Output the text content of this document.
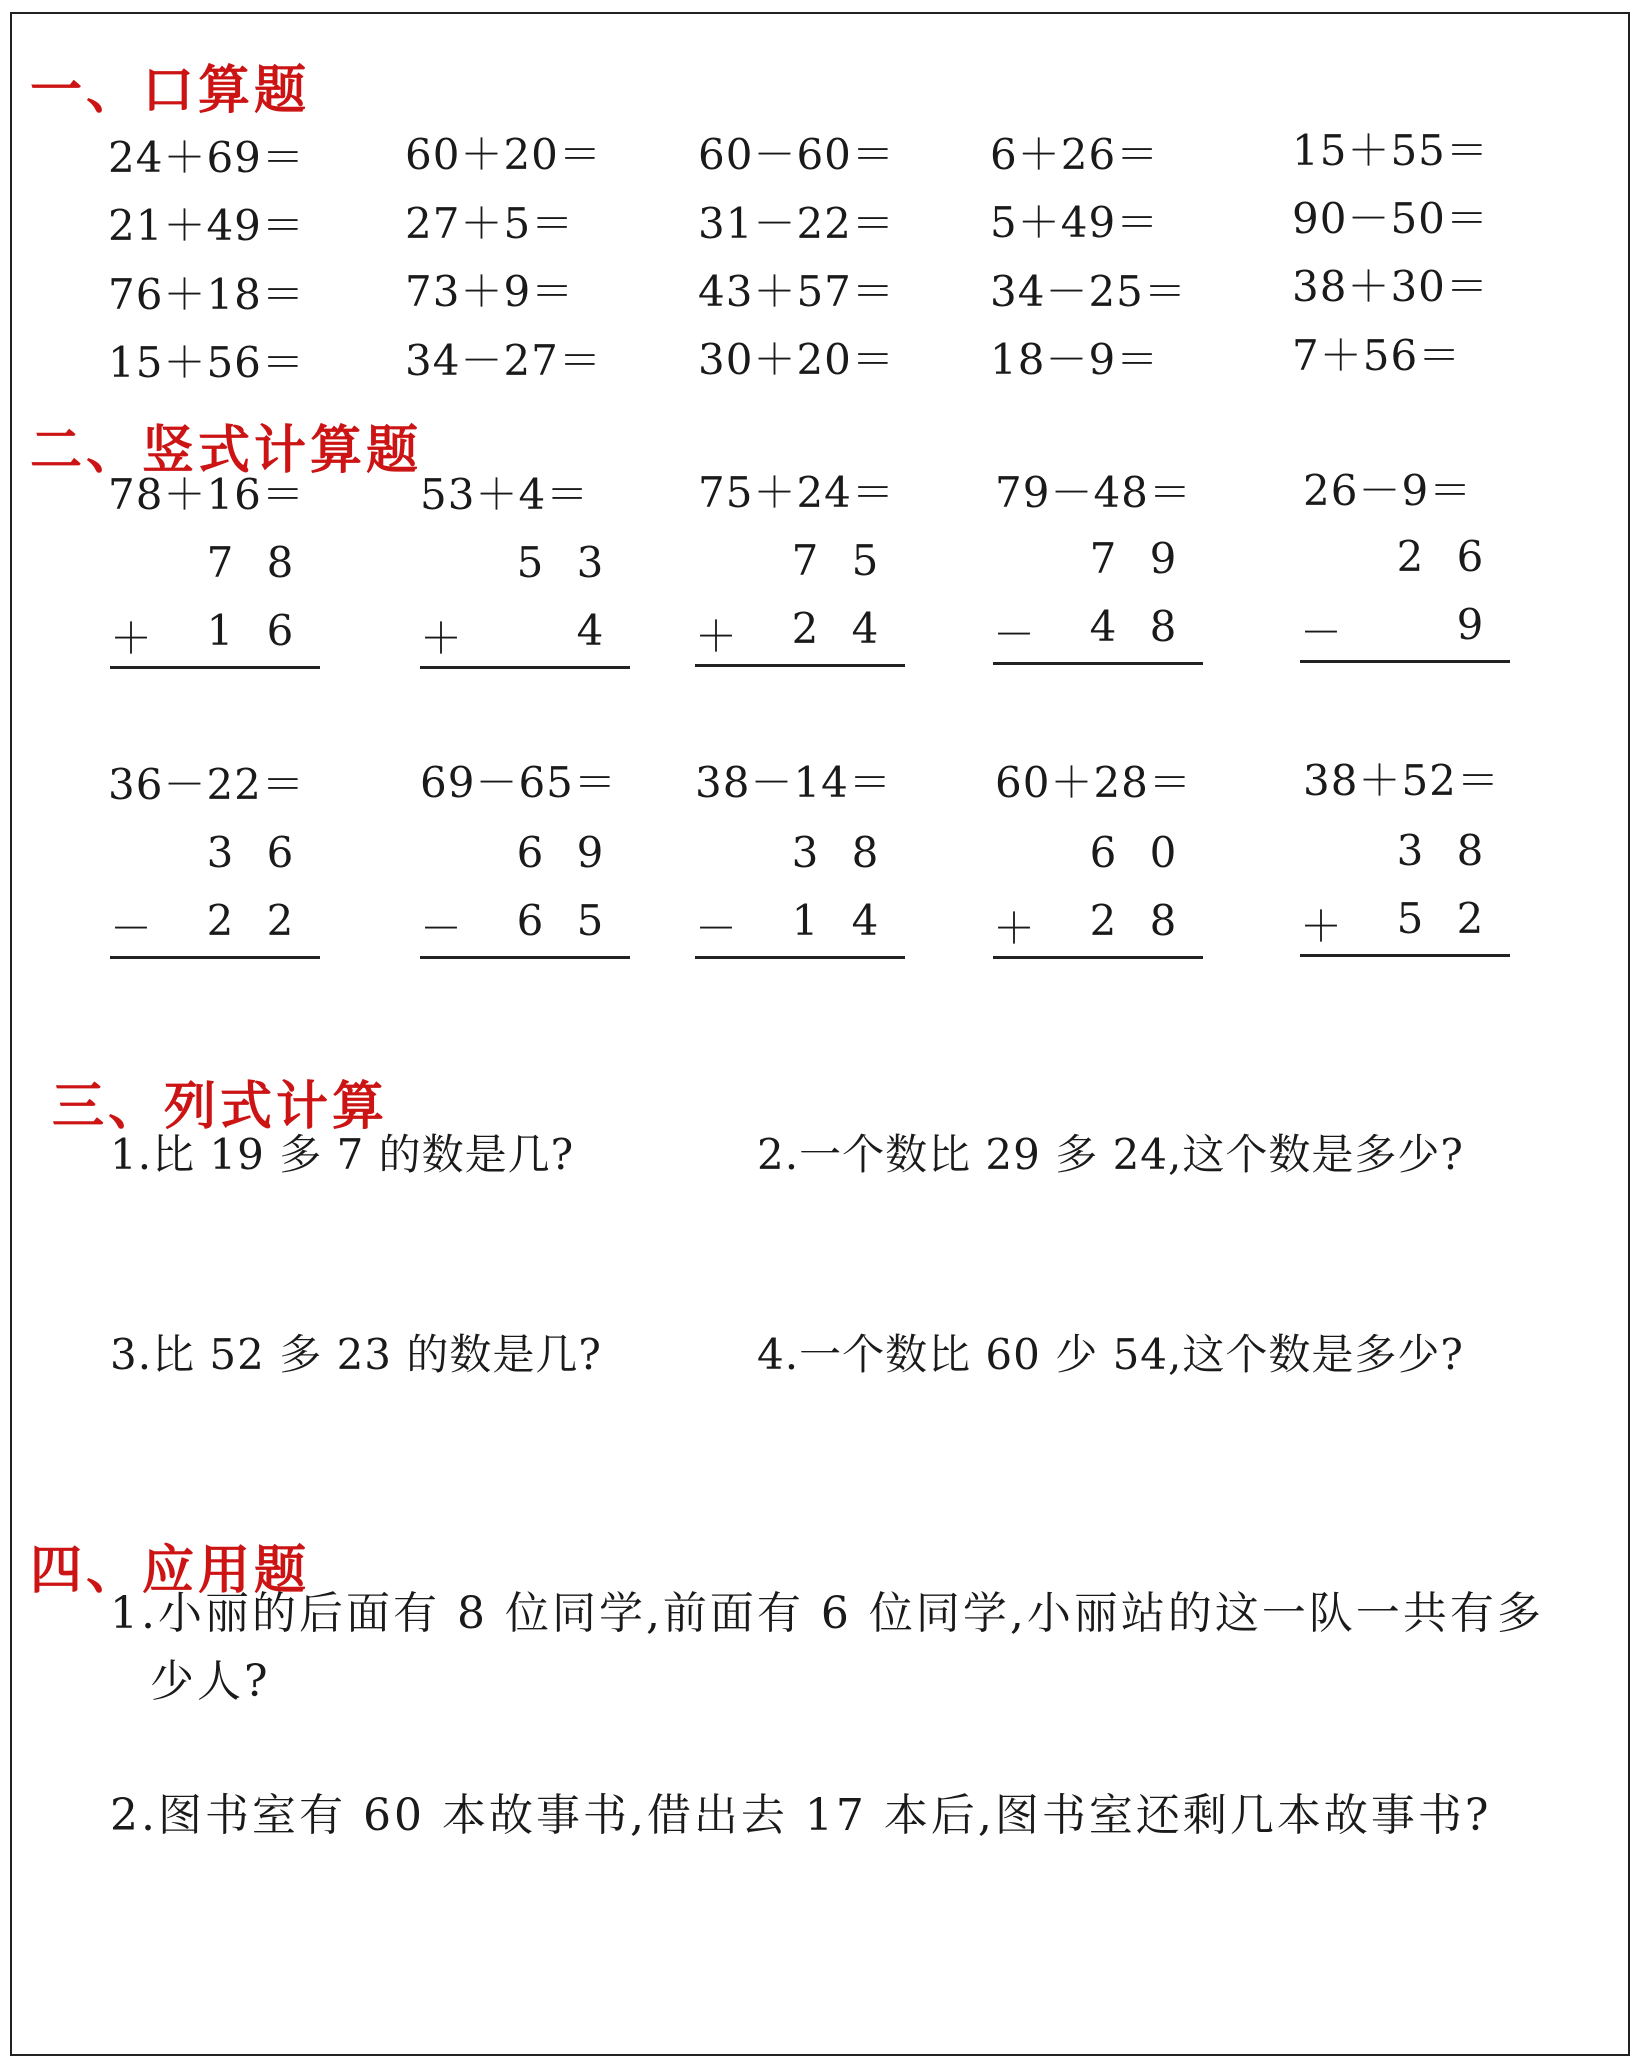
一、口算题
24＋69＝ 60＋20＝ 60－60＝ 6＋26＝	15＋55＝
21＋49＝ 27＋5＝	31－22＝ 5＋49＝	90－50＝
76＋18＝ 73＋9＝	43＋57＝ 34－25＝	38＋30＝
15＋56＝ 34－27＝ 30＋20＝ 18－9＝	7＋56＝
二、竖式计算题
78＋16＝	53＋4＝	75＋24＝ 79－48＝	26－9＝
7 8
＋ 1 6
5 3
＋	4
7 5
＋ 2 4
7 9
－ 4 8
2 6
－	9
36－22＝	69－65＝ 38－14＝ 60＋28＝	38＋52＝
3 6
－ 2 2
6 9
－ 6 5
3 8
－ 1 4
6 0
＋ 2 8
3 8
＋ 5 2
三、列式计算
1.比 19 多 7 的数是几?	2.一个数比 29 多 24,这个数是多少?
3.比 52 多 23 的数是几?	4.一个数比 60 少 54,这个数是多少?
四、应用题
1.小丽的后面有 8 位同学,前面有 6 位同学,小丽站的这一队一共有多
少人?
2.图书室有 60 本故事书,借出去 17 本后,图书室还剩几本故事书?
